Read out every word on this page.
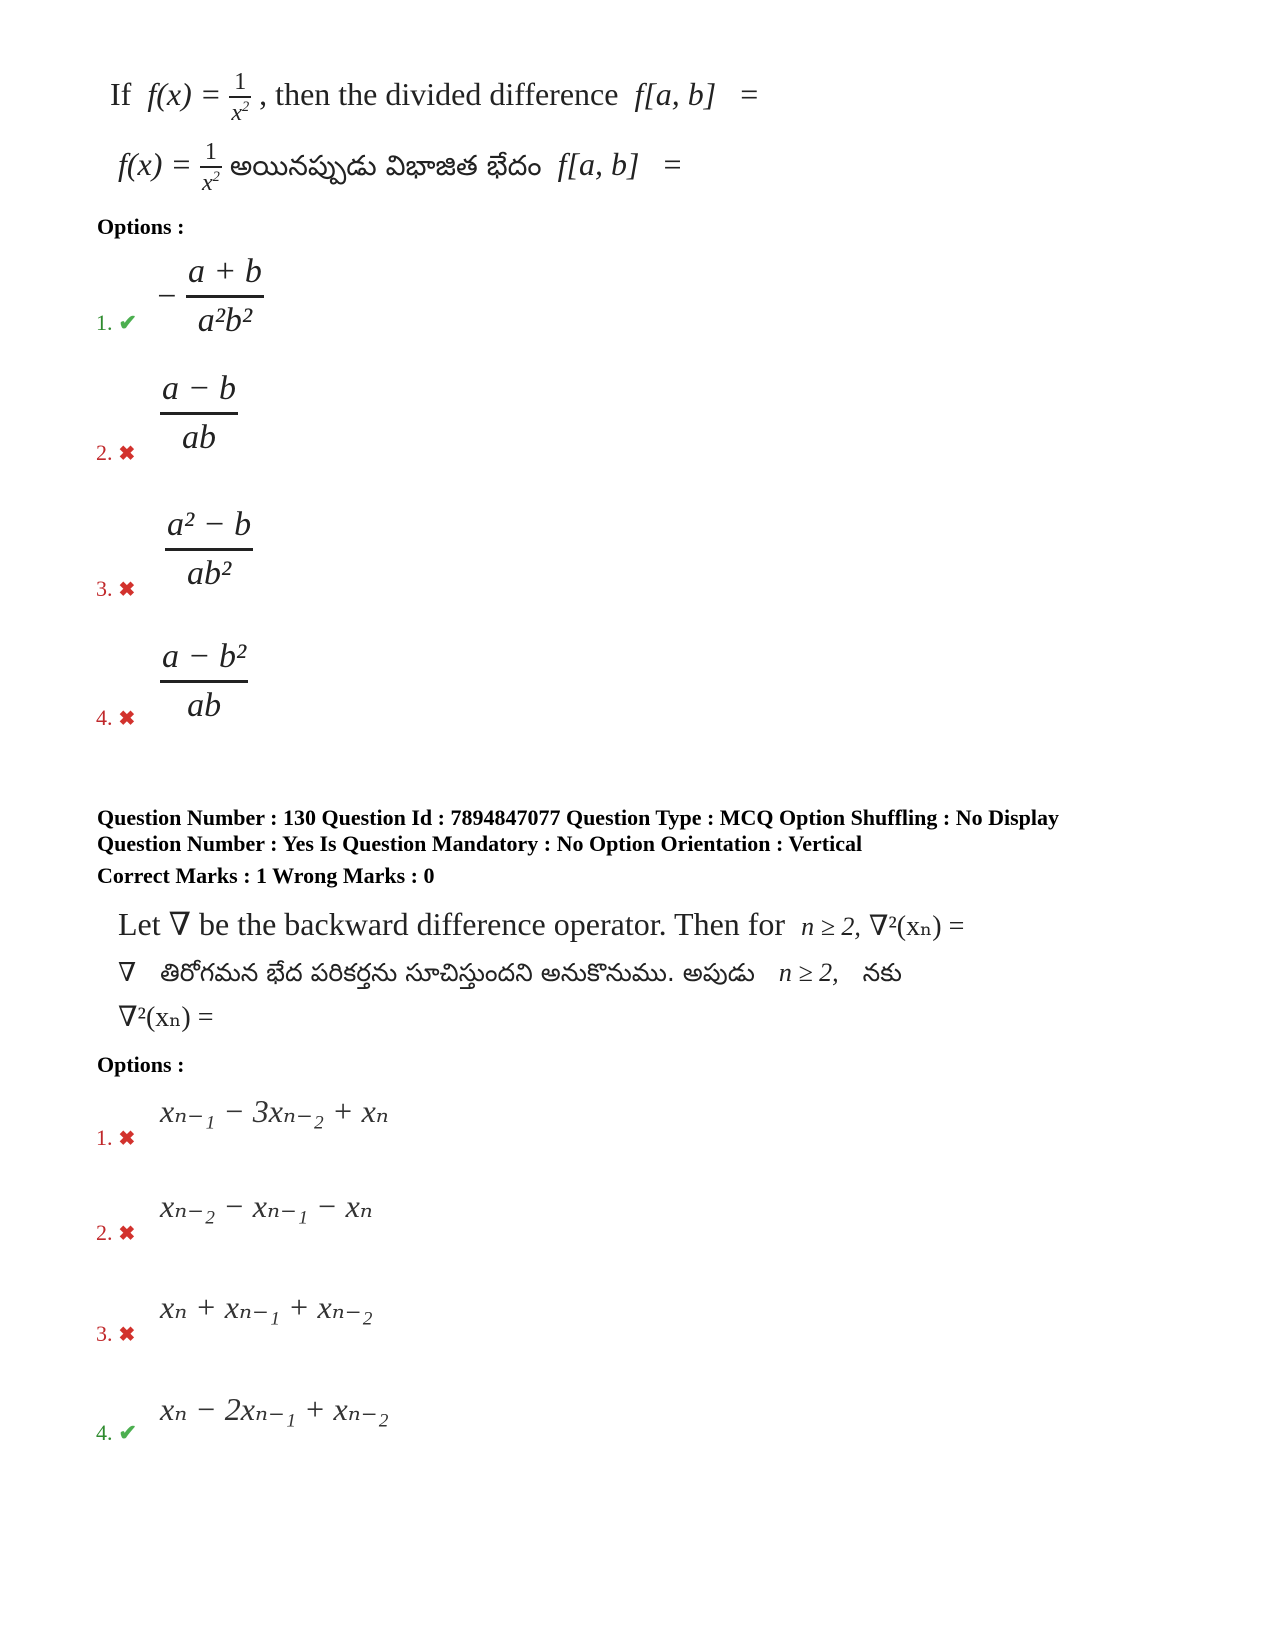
If $f(x) = \frac{1}{x^2}$ , then the divided difference f[a, b] =
$f(x) = \frac{1}{x^2}$ అయినప్పుడు విభాజిత భేదం f[a, b] =
Options :
− $\frac{a + b}{\text{a²b²}}$
1. ✔
$\frac{a - b}{ab}$
2. ✖
$\frac{\text{a² − b}}{\text{ab²}}$
3. ✖
$\frac{\text{a − b²}}{ab}$
4. ✖
Question Number : 130 Question Id : 7894847077 Question Type : MCQ Option Shuffling : No Display
Question Number : Yes Is Question Mandatory : No Option Orientation : Vertical
Correct Marks : 1 Wrong Marks : 0
Let ∇ be the backward difference operator. Then for n ≥ 2, ∇²(xₙ) =
∇ తిరోగమన భేద పరికర్తను సూచిస్తుందని అనుకొనుము. అపుడు n ≥ 2, నకు
∇²(xₙ) =
Options :
xₙ₋₁ − 3xₙ₋₂ + xₙ
1. ✖
xₙ₋₂ − xₙ₋₁ − xₙ
2. ✖
xₙ + xₙ₋₁ + xₙ₋₂
3. ✖
xₙ − 2xₙ₋₁ + xₙ₋₂
4. ✔
